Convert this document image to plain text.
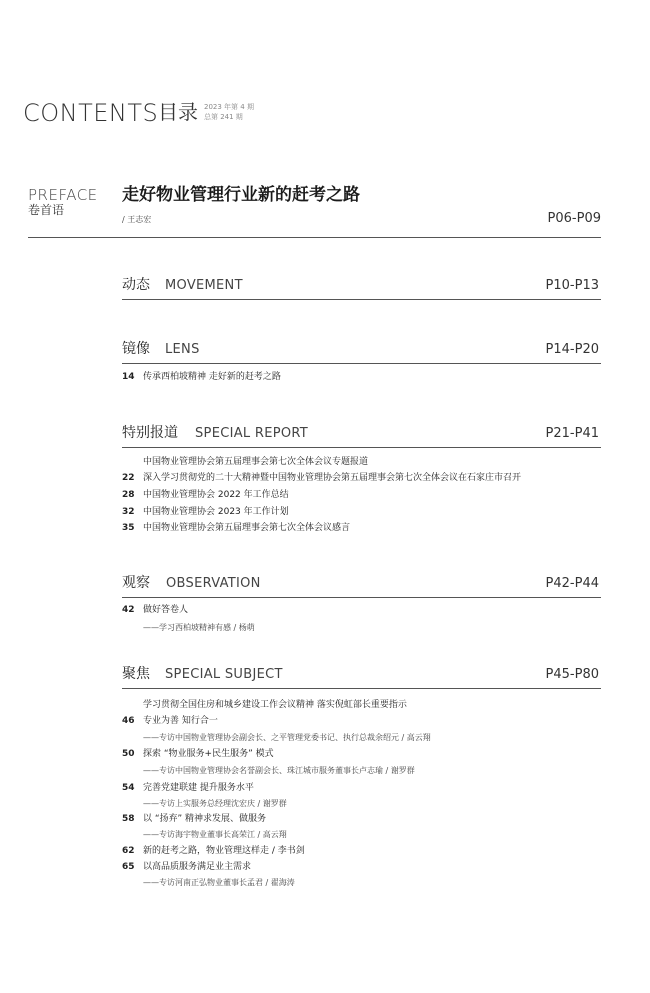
CONTENTS 目录 2023 年第 4 期
总第 241 期
PREFACE
卷首语
走好物业管理行业新的赶考之路
/ 王志宏	P06-P09
动态 MOVEMENT	P10-P13
镜像 LENS	P14-P20
14 传承西柏坡精神 走好新的赶考之路
特别报道 SPECIAL REPORT	P21-P41
中国物业管理协会第五届理事会第七次全体会议专题报道
22 深入学习贯彻党的二十大精神暨中国物业管理协会第五届理事会第七次全体会议在石家庄市召开
28 中国物业管理协会 2022 年工作总结
32 中国物业管理协会 2023 年工作计划
35 中国物业管理协会第五届理事会第七次全体会议感言
观察 OBSERVATION	P42-P44
42 做好答卷人
——学习西柏坡精神有感 / 杨萌
聚焦 SPECIAL SUBJECT	P45-P80
学习贯彻全国住房和城乡建设工作会议精神 落实倪虹部长重要指示
46 专业为善 知行合一
——专访中国物业管理协会副会长、之平管理党委书记、执行总裁余绍元 / 高云翔
50 探索 “物业服务+民生服务” 模式
——专访中国物业管理协会名誉副会长、珠江城市服务董事长卢志瑜 / 谢罗群
54 完善党建联建 提升服务水平
——专访上实服务总经理沈宏庆 / 谢罗群
58 以 “扬弃” 精神求发展、做服务
——专访海宇物业董事长高荣江 / 高云翔
62 新的赶考之路，物业管理这样走 / 李书剑
65 以高品质服务满足业主需求
——专访河南正弘物业董事长孟君 / 翟海涛
